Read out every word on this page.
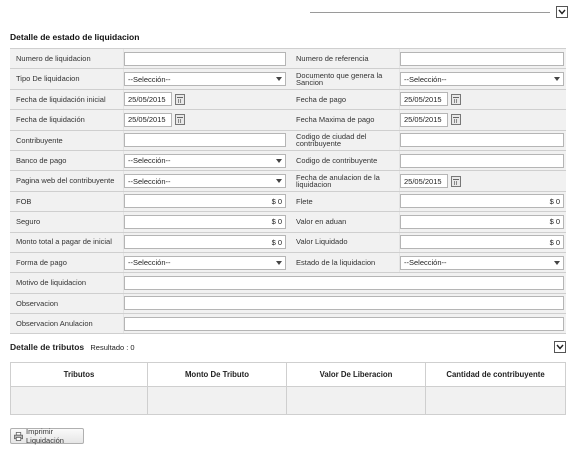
Detalle de estado de liquidacion
Numero de liquidacion	Numero de referencia
Tipo De liquidacion	--Selección--	Documento que genera la Sancion	--Selección--
Fecha de liquidación inicial	25/05/2015	Fecha de pago	25/05/2015
Fecha de liquidación	25/05/2015	Fecha Maxima de pago	25/05/2015
Contribuyente	Codigo de ciudad del contribuyente
Banco de pago	--Selección--	Codigo de contribuyente
Pagina web del contribuyente	--Selección--	Fecha de anulacion de la liquidacion	25/05/2015
FOB	$ 0	Flete	$ 0
Seguro	$ 0	Valor en aduan	$ 0
Monto total a pagar de inicial	$ 0	Valor Liquidado	$ 0
Forma de pago	--Selección--	Estado de la liquidacion	--Selección--
Motivo de liquidacion
Observacion
Observacion Anulacion
Detalle de tributos Resultado : 0
Tributos	Monto De Tributo	Valor De Liberacion	Cantidad de contribuyente

Imprimir Liquidación
